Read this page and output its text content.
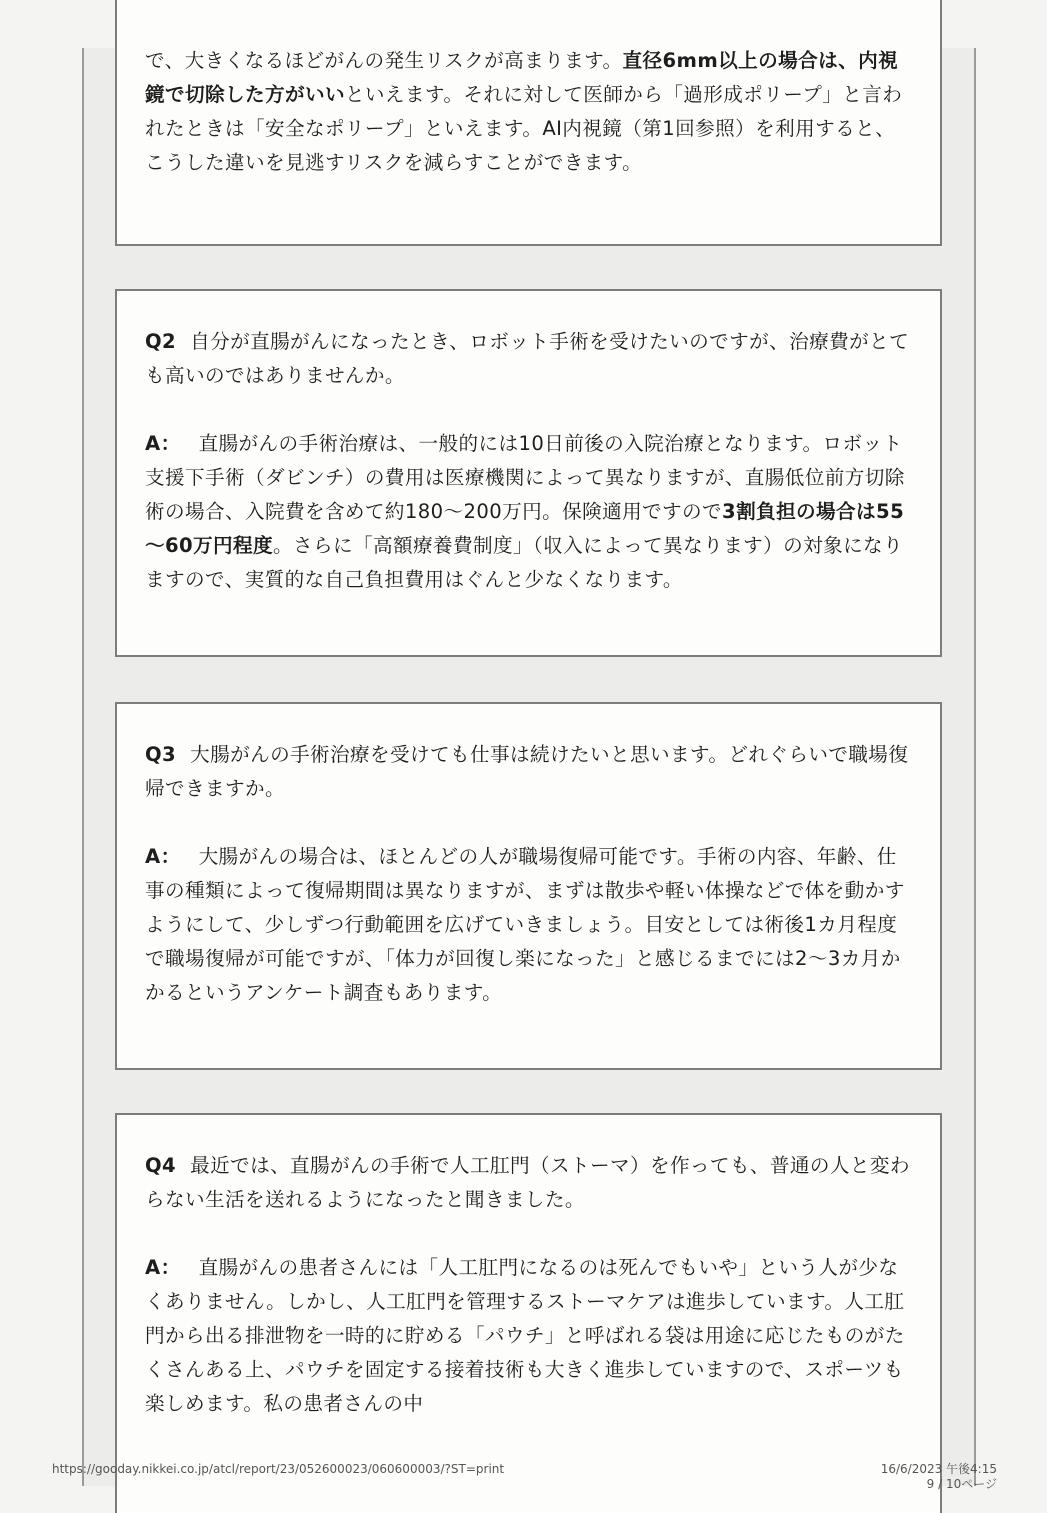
で、大きくなるほどがんの発生リスクが高まります。直径6mm以上の場合は、内視鏡で切除した方がいいといえます。それに対して医師から「過形成ポリープ」と言われたときは「安全なポリープ」といえます。AI内視鏡（第1回参照）を利用すると、こうした違いを見逃すリスクを減らすことができます。

Q2 自分が直腸がんになったとき、ロボット手術を受けたいのですが、治療費がとても高いのではありませんか。

A： 直腸がんの手術治療は、一般的には10日前後の入院治療となります。ロボット支援下手術（ダビンチ）の費用は医療機関によって異なりますが、直腸低位前方切除術の場合、入院費を含めて約180～200万円。保険適用ですので3割負担の場合は55～60万円程度。さらに「高額療養費制度」（収入によって異なります）の対象になりますので、実質的な自己負担費用はぐんと少なくなります。

Q3 大腸がんの手術治療を受けても仕事は続けたいと思います。どれぐらいで職場復帰できますか。

A： 大腸がんの場合は、ほとんどの人が職場復帰可能です。手術の内容、年齢、仕事の種類によって復帰期間は異なりますが、まずは散歩や軽い体操などで体を動かすようにして、少しずつ行動範囲を広げていきましょう。目安としては術後1カ月程度で職場復帰が可能ですが、「体力が回復し楽になった」と感じるまでには2～3カ月かかるというアンケート調査もあります。

Q4 最近では、直腸がんの手術で人工肛門（ストーマ）を作っても、普通の人と変わらない生活を送れるようになったと聞きました。

A： 直腸がんの患者さんには「人工肛門になるのは死んでもいや」という人が少なくありません。しかし、人工肛門を管理するストーマケアは進歩しています。人工肛門から出る排泄物を一時的に貯める「パウチ」と呼ばれる袋は用途に応じたものがたくさんある上、パウチを固定する接着技術も大きく進歩していますので、スポーツも楽しめます。私の患者さんの中

https://gooday.nikkei.co.jp/atcl/report/23/052600023/060600003/?ST=print	16/6/2023 午後4:15
9 / 10ページ
